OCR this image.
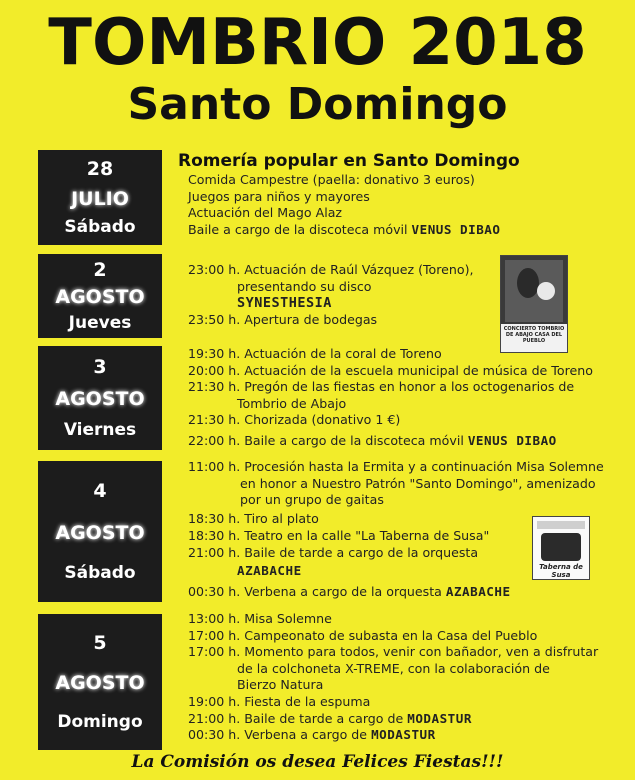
TOMBRIO 2018
Santo Domingo
28
JULIO
Sábado
2
AGOSTO
Jueves
3
AGOSTO
Viernes
4
AGOSTO
Sábado
5
AGOSTO
Domingo
Romería popular en Santo Domingo
Comida Campestre (paella: donativo 3 euros)
Juegos para niños y mayores
Actuación del Mago Alaz
Baile a cargo de la discoteca móvil VENUS DIBAO
23:00 h. Actuación de Raúl Vázquez (Toreno),
presentando su disco
SYNESTHESIA
23:50 h. Apertura de bodegas
19:30 h. Actuación de la coral de Toreno
20:00 h. Actuación de la escuela municipal de música de Toreno
21:30 h. Pregón de las fiestas en honor a los octogenarios de
Tombrio de Abajo
21:30 h. Chorizada (donativo 1 €)
22:00 h. Baile a cargo de la discoteca móvil VENUS DIBAO
11:00 h. Procesión hasta la Ermita y a continuación Misa Solemne
en honor a Nuestro Patrón "Santo Domingo", amenizado
por un grupo de gaitas
18:30 h. Tiro al plato
18:30 h. Teatro en la calle "La Taberna de Susa"
21:00 h. Baile de tarde a cargo de la orquesta
AZABACHE
00:30 h. Verbena a cargo de la orquesta AZABACHE
13:00 h. Misa Solemne
17:00 h. Campeonato de subasta en la Casa del Pueblo
17:00 h. Momento para todos, venir con bañador, ven a disfrutar
de la colchoneta X-TREME, con la colaboración de
Bierzo Natura
19:00 h. Fiesta de la espuma
21:00 h. Baile de tarde a cargo de MODASTUR
00:30 h. Verbena a cargo de MODASTUR
CONCIERTO TOMBRIO DE ABAJO CASA DEL PUEBLO
Taberna de Susa
La Comisión os desea Felices Fiestas!!!
